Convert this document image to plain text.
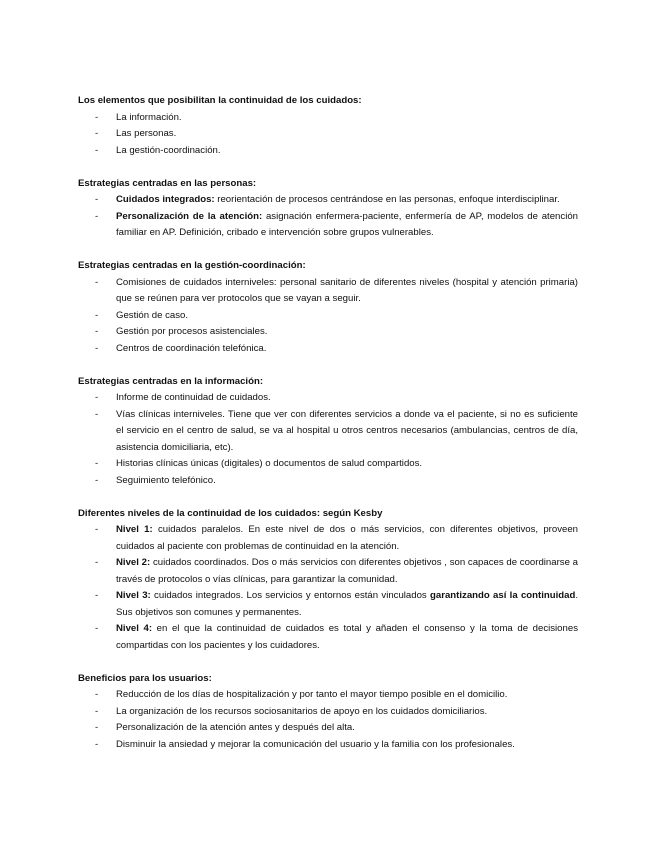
Los elementos que posibilitan la continuidad de los cuidados:

- La información.
- Las personas.
- La gestión-coordinación.

Estrategias centradas en las personas:

- Cuidados integrados: reorientación de procesos centrándose en las personas, enfoque interdisciplinar.
- Personalización de la atención: asignación enfermera-paciente, enfermería de AP, modelos de atención familiar en AP. Definición, cribado e intervención sobre grupos vulnerables.

Estrategias centradas en la gestión-coordinación:

- Comisiones de cuidados interniveles: personal sanitario de diferentes niveles (hospital y atención primaria) que se reúnen para ver protocolos que se vayan a seguir.
- Gestión de caso.
- Gestión por procesos asistenciales.
- Centros de coordinación telefónica.

Estrategias centradas en la información:

- Informe de continuidad de cuidados.
- Vías clínicas interniveles. Tiene que ver con diferentes servicios a donde va el paciente, si no es suficiente el servicio en el centro de salud, se va al hospital u otros centros necesarios (ambulancias, centros de día, asistencia domiciliaria, etc).
- Historias clínicas únicas (digitales) o documentos de salud compartidos.
- Seguimiento telefónico.

Diferentes niveles de la continuidad de los cuidados: según Kesby

- Nivel 1: cuidados paralelos. En este nivel de dos o más servicios, con diferentes objetivos, proveen cuidados al paciente con problemas de continuidad en la atención.
- Nivel 2: cuidados coordinados. Dos o más servicios con diferentes objetivos , son capaces de coordinarse a través de protocolos o vías clínicas, para garantizar la comunidad.
- Nivel 3: cuidados integrados. Los servicios y entornos están vinculados garantizando así la continuidad. Sus objetivos son comunes y permanentes.
- Nivel 4: en el que la continuidad de cuidados es total y añaden el consenso y la toma de decisiones compartidas con los pacientes y los cuidadores.

Beneficios para los usuarios:

- Reducción de los días de hospitalización y por tanto el mayor tiempo posible en el domicilio.
- La organización de los recursos sociosanitarios de apoyo en los cuidados domiciliarios.
- Personalización de la atención antes y después del alta.
- Disminuir la ansiedad y mejorar la comunicación del usuario y la familia con los profesionales.
